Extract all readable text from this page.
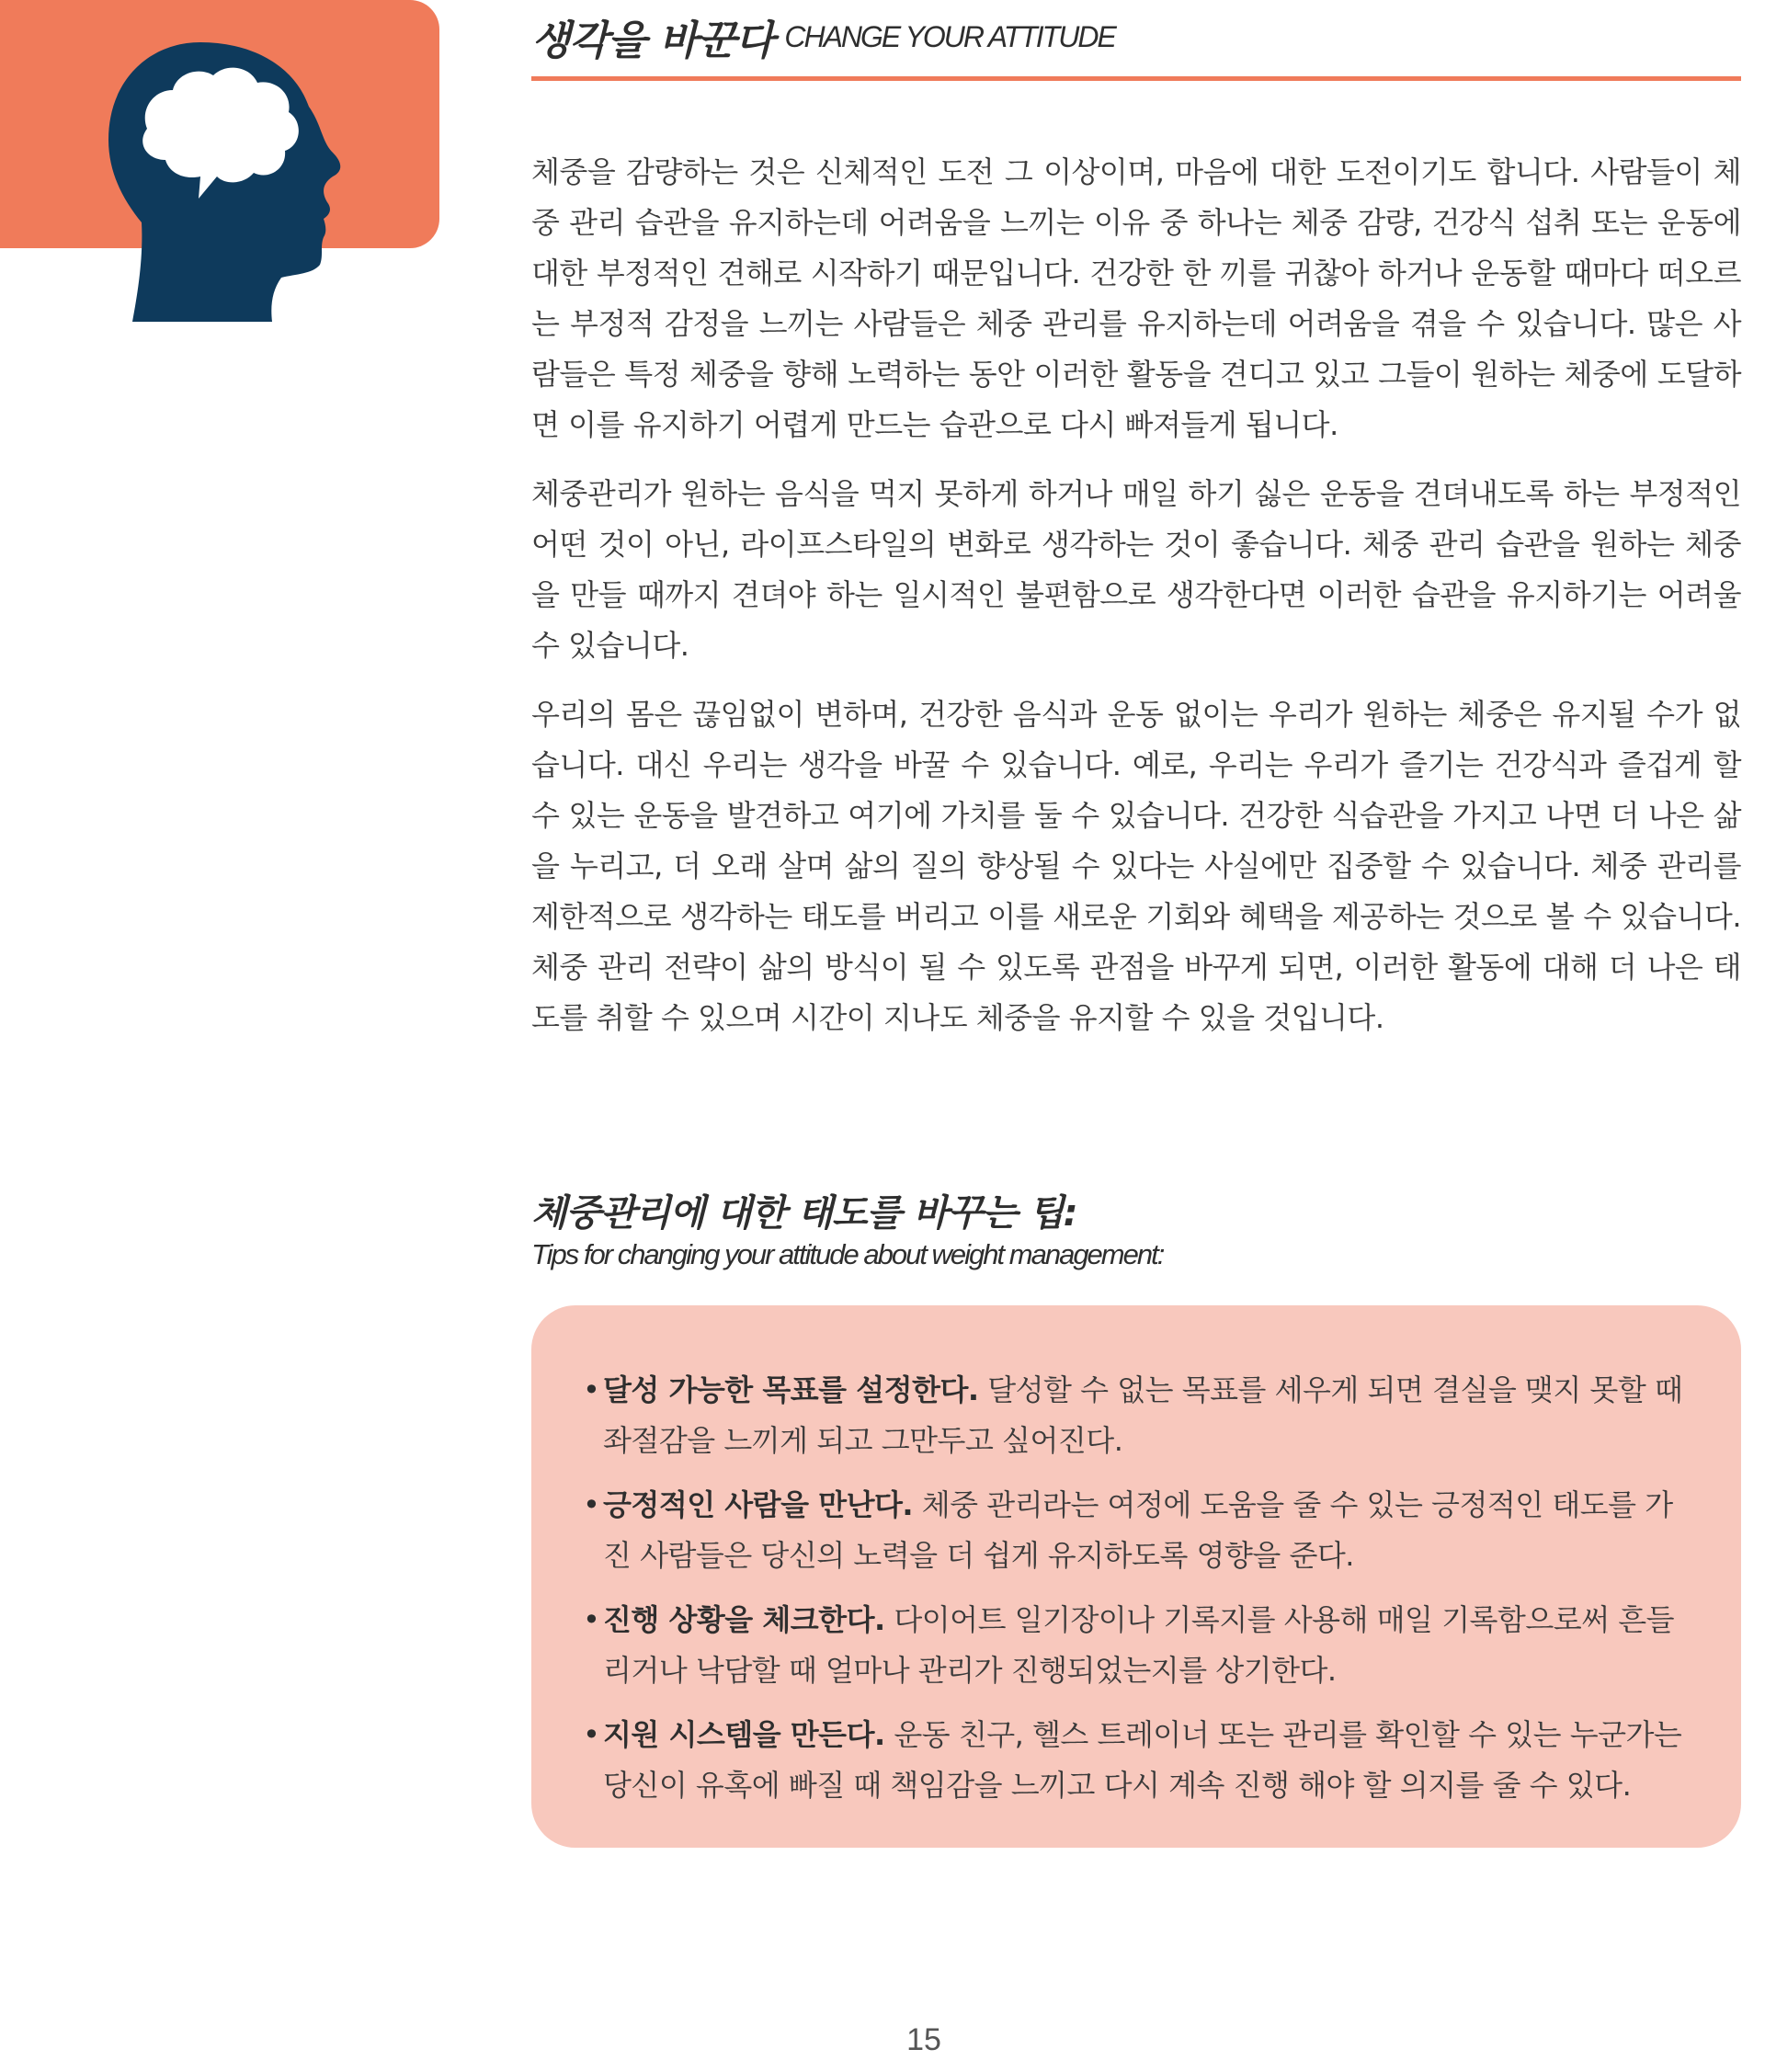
생각을 바꾼다 CHANGE YOUR ATTITUDE

체중을 감량하는 것은 신체적인 도전 그 이상이며, 마음에 대한 도전이기도 합니다. 사람들이 체중 관리 습관을 유지하는데 어려움을 느끼는 이유 중 하나는 체중 감량, 건강식 섭취 또는 운동에 대한 부정적인 견해로 시작하기 때문입니다. 건강한 한 끼를 귀찮아 하거나 운동할 때마다 떠오르는 부정적 감정을 느끼는 사람들은 체중 관리를 유지하는데 어려움을 겪을 수 있습니다. 많은 사람들은 특정 체중을 향해 노력하는 동안 이러한 활동을 견디고 있고 그들이 원하는 체중에 도달하면 이를 유지하기 어렵게 만드는 습관으로 다시 빠져들게 됩니다.

체중관리가 원하는 음식을 먹지 못하게 하거나 매일 하기 싫은 운동을 견뎌내도록 하는 부정적인 어떤 것이 아닌, 라이프스타일의 변화로 생각하는 것이 좋습니다. 체중 관리 습관을 원하는 체중을 만들 때까지 견뎌야 하는 일시적인 불편함으로 생각한다면 이러한 습관을 유지하기는 어려울 수 있습니다.

우리의 몸은 끊임없이 변하며, 건강한 음식과 운동 없이는 우리가 원하는 체중은 유지될 수가 없습니다. 대신 우리는 생각을 바꿀 수 있습니다. 예로, 우리는 우리가 즐기는 건강식과 즐겁게 할 수 있는 운동을 발견하고 여기에 가치를 둘 수 있습니다. 건강한 식습관을 가지고 나면 더 나은 삶을 누리고, 더 오래 살며 삶의 질의 향상될 수 있다는 사실에만 집중할 수 있습니다. 체중 관리를 제한적으로 생각하는 태도를 버리고 이를 새로운 기회와 혜택을 제공하는 것으로 볼 수 있습니다. 체중 관리 전략이 삶의 방식이 될 수 있도록 관점을 바꾸게 되면, 이러한 활동에 대해 더 나은 태도를 취할 수 있으며 시간이 지나도 체중을 유지할 수 있을 것입니다.

체중관리에 대한 태도를 바꾸는 팁:
Tips for changing your attitude about weight management:
• 달성 가능한 목표를 설정한다. 달성할 수 없는 목표를 세우게 되면 결실을 맺지 못할 때 좌절감을 느끼게 되고 그만두고 싶어진다.
• 긍정적인 사람을 만난다. 체중 관리라는 여정에 도움을 줄 수 있는 긍정적인 태도를 가진 사람들은 당신의 노력을 더 쉽게 유지하도록 영향을 준다.
• 진행 상황을 체크한다. 다이어트 일기장이나 기록지를 사용해 매일 기록함으로써 흔들리거나 낙담할 때 얼마나 관리가 진행되었는지를 상기한다.
• 지원 시스템을 만든다. 운동 친구, 헬스 트레이너 또는 관리를 확인할 수 있는 누군가는 당신이 유혹에 빠질 때 책임감을 느끼고 다시 계속 진행 해야 할 의지를 줄 수 있다.
15
